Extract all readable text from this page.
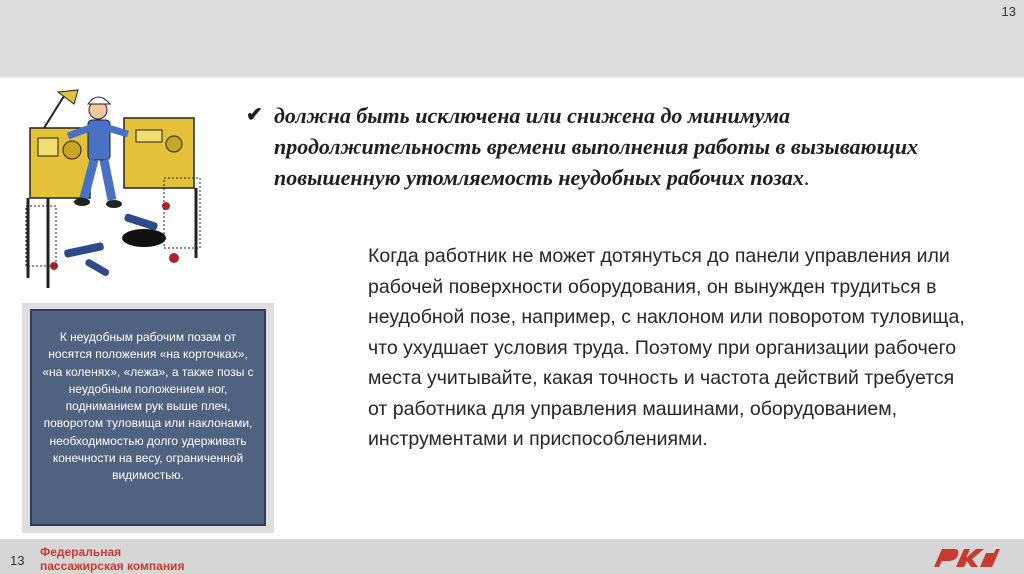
13
✔ должна быть исключена или снижена до минимума продолжительность времени выполнения работы в вызывающих повышенную утомляемость неудобных рабочих позах.
Когда работник не может дотянуться до панели управления или рабочей поверхности оборудования, он вынужден трудиться в неудобной позе, например, с наклоном или поворотом туловища, что ухудшает условия труда. Поэтому при организации рабочего места учитывайте, какая точность и частота действий требуется от работника для управления машинами, оборудованием, инструментами и приспособлениями.
К неудобным рабочим позам от носятся положения «на корточках», «на коленях», «лежа», а также позы с неудобным положением ног, подниманием рук выше плеч, поворотом туловища или наклонами, необходимостью долго удерживать конечности на весу, ограниченной видимостью.
13
Федеральная
пассажирская компания
